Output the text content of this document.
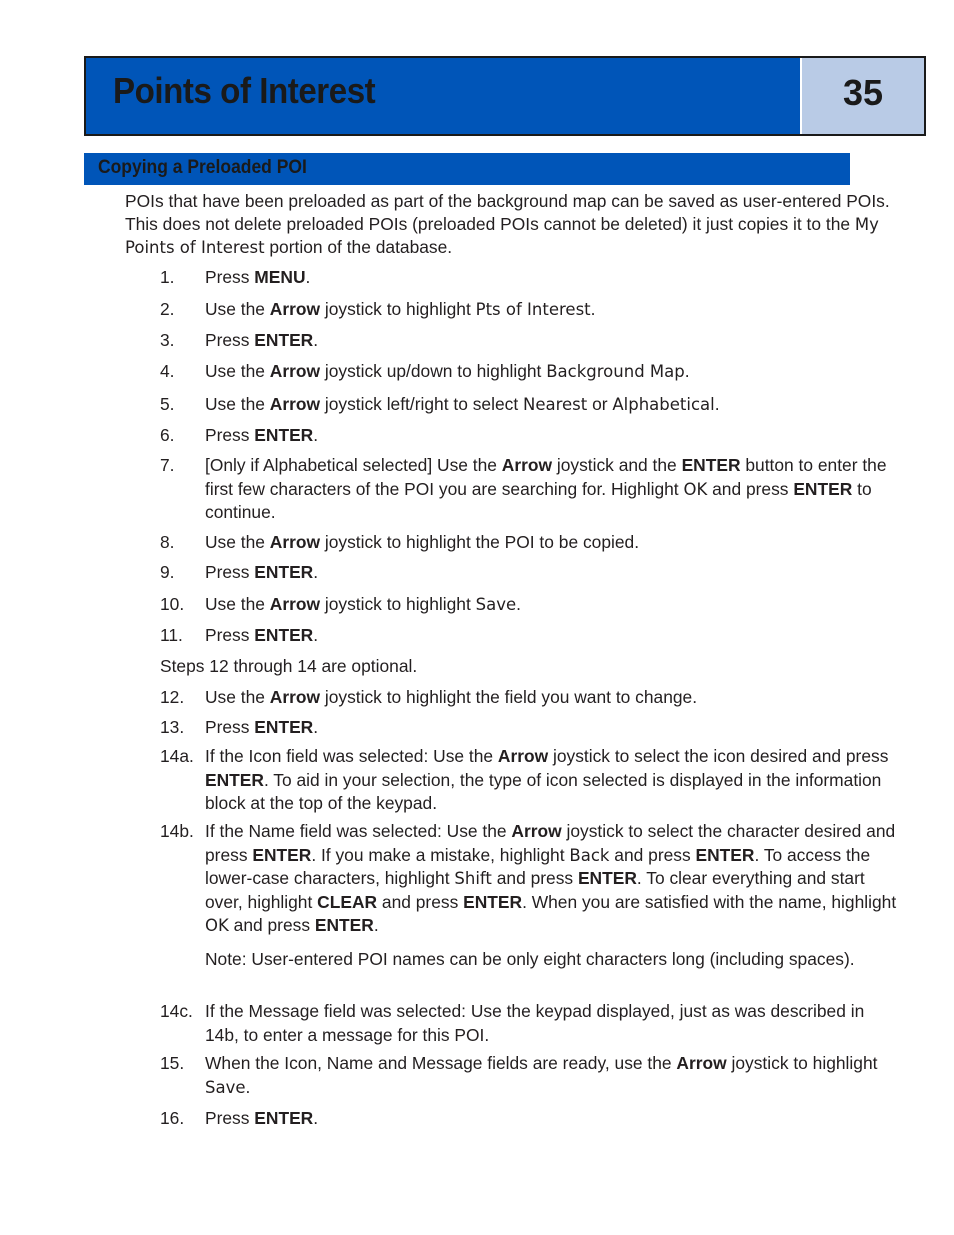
Points of Interest	35
Copying a Preloaded POI
POIs that have been preloaded as part of the background map can be saved as user-entered POIs. This does not delete preloaded POIs (preloaded POIs cannot be deleted) it just copies it to the My Points of Interest portion of the database.
1. Press MENU.
2. Use the Arrow joystick to highlight Pts of Interest.
3. Press ENTER.
4. Use the Arrow joystick up/down to highlight Background Map.
5. Use the Arrow joystick left/right to select Nearest or Alphabetical.
6. Press ENTER.
7. [Only if Alphabetical selected] Use the Arrow joystick and the ENTER button to enter the first few characters of the POI you are searching for. Highlight OK and press ENTER to continue.
8. Use the Arrow joystick to highlight the POI to be copied.
9. Press ENTER.
10. Use the Arrow joystick to highlight Save.
11. Press ENTER.
Steps 12 through 14 are optional.
12. Use the Arrow joystick to highlight the field you want to change.
13. Press ENTER.
14a. If the Icon field was selected: Use the Arrow joystick to select the icon desired and press ENTER. To aid in your selection, the type of icon selected is displayed in the information block at the top of the keypad.
14b. If the Name field was selected: Use the Arrow joystick to select the character desired and press ENTER. If you make a mistake, highlight Back and press ENTER. To access the lower-case characters, highlight Shift and press ENTER. To clear everything and start over, highlight CLEAR and press ENTER. When you are satisfied with the name, highlight OK and press ENTER.
Note: User-entered POI names can be only eight characters long (including spaces).
14c. If the Message field was selected: Use the keypad displayed, just as was described in 14b, to enter a message for this POI.
15. When the Icon, Name and Message fields are ready, use the Arrow joystick to highlight Save.
16. Press ENTER.
